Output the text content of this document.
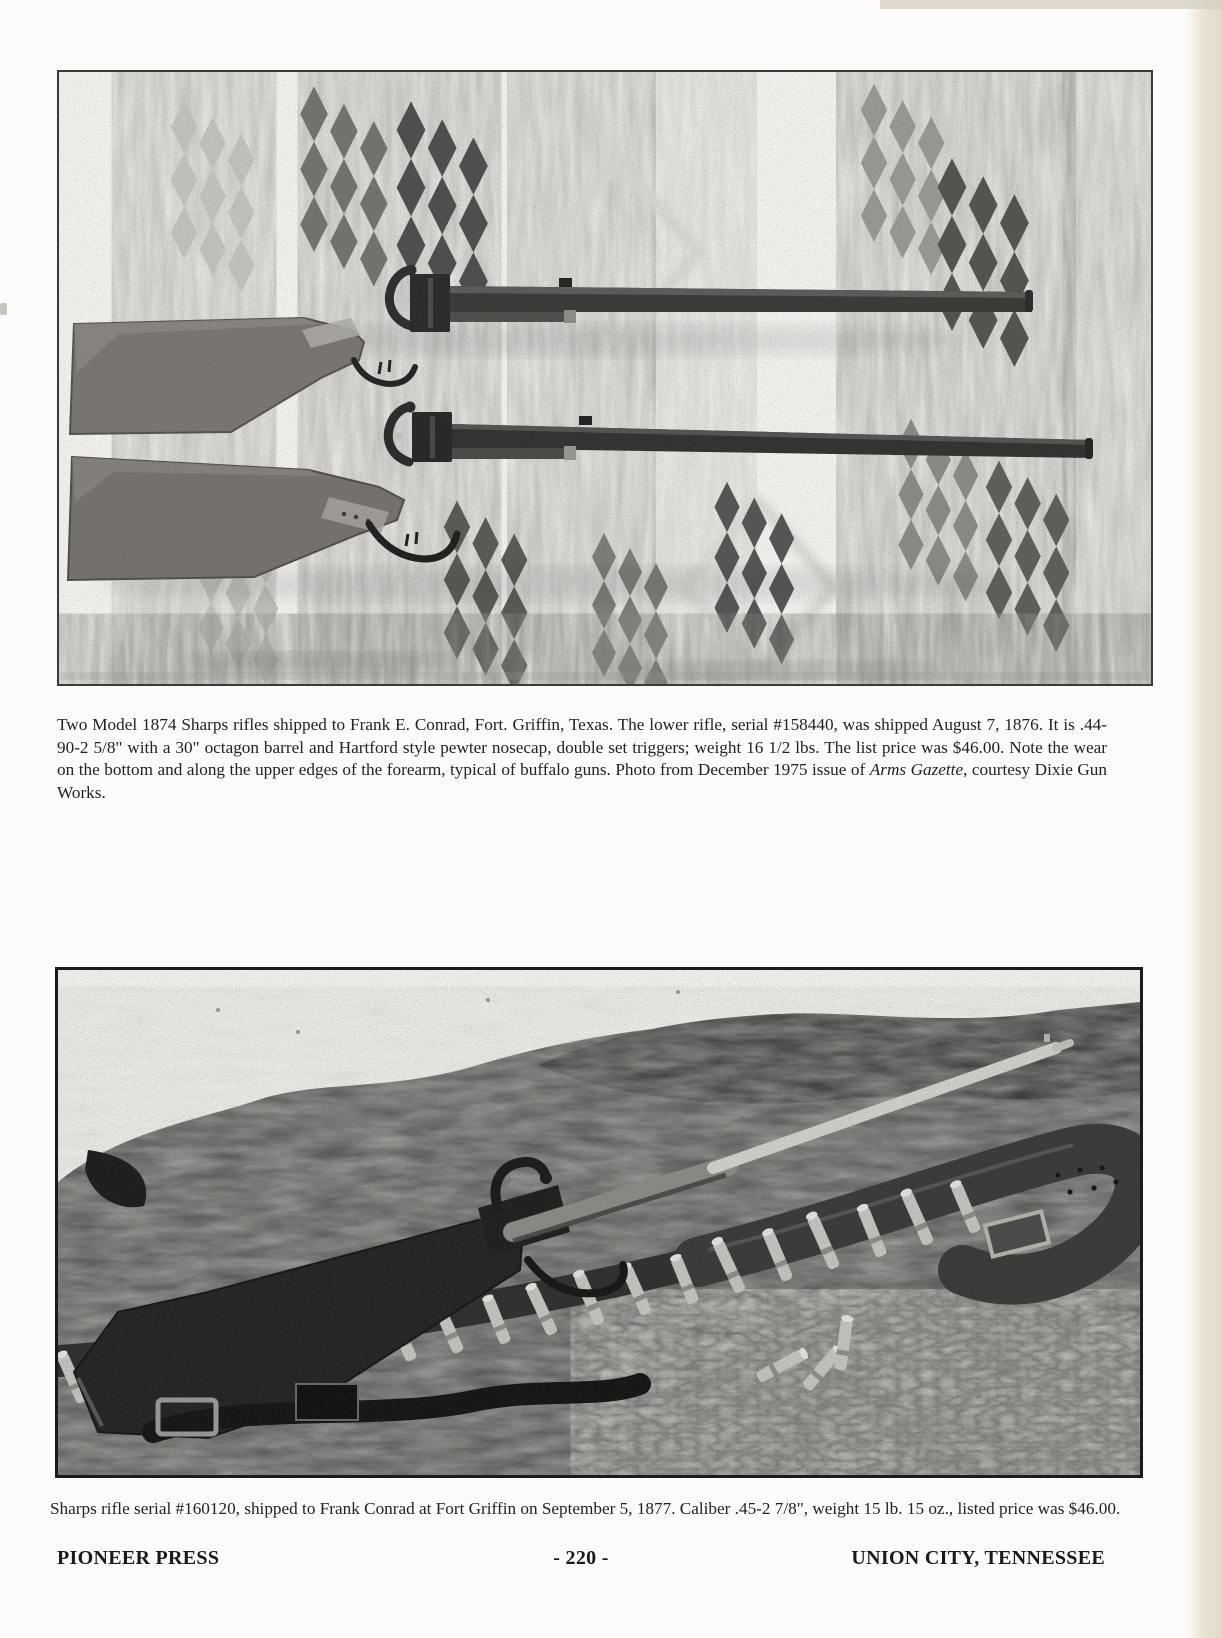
Two Model 1874 Sharps rifles shipped to Frank E. Conrad, Fort. Griffin, Texas. The lower rifle, serial #158440, was shipped August 7, 1876. It is .44-90-2 5/8" with a 30" octagon barrel and Hartford style pewter nosecap, double set triggers; weight 16 1/2 lbs. The list price was $46.00. Note the wear on the bottom and along the upper edges of the forearm, typical of buffalo guns. Photo from December 1975 issue of Arms Gazette, courtesy Dixie Gun Works.

Sharps rifle serial #160120, shipped to Frank Conrad at Fort Griffin on September 5, 1877. Caliber .45-2 7/8", weight 15 lb. 15 oz., listed price was $46.00.

- 220 -
PIONEER PRESS	UNION CITY, TENNESSEE
